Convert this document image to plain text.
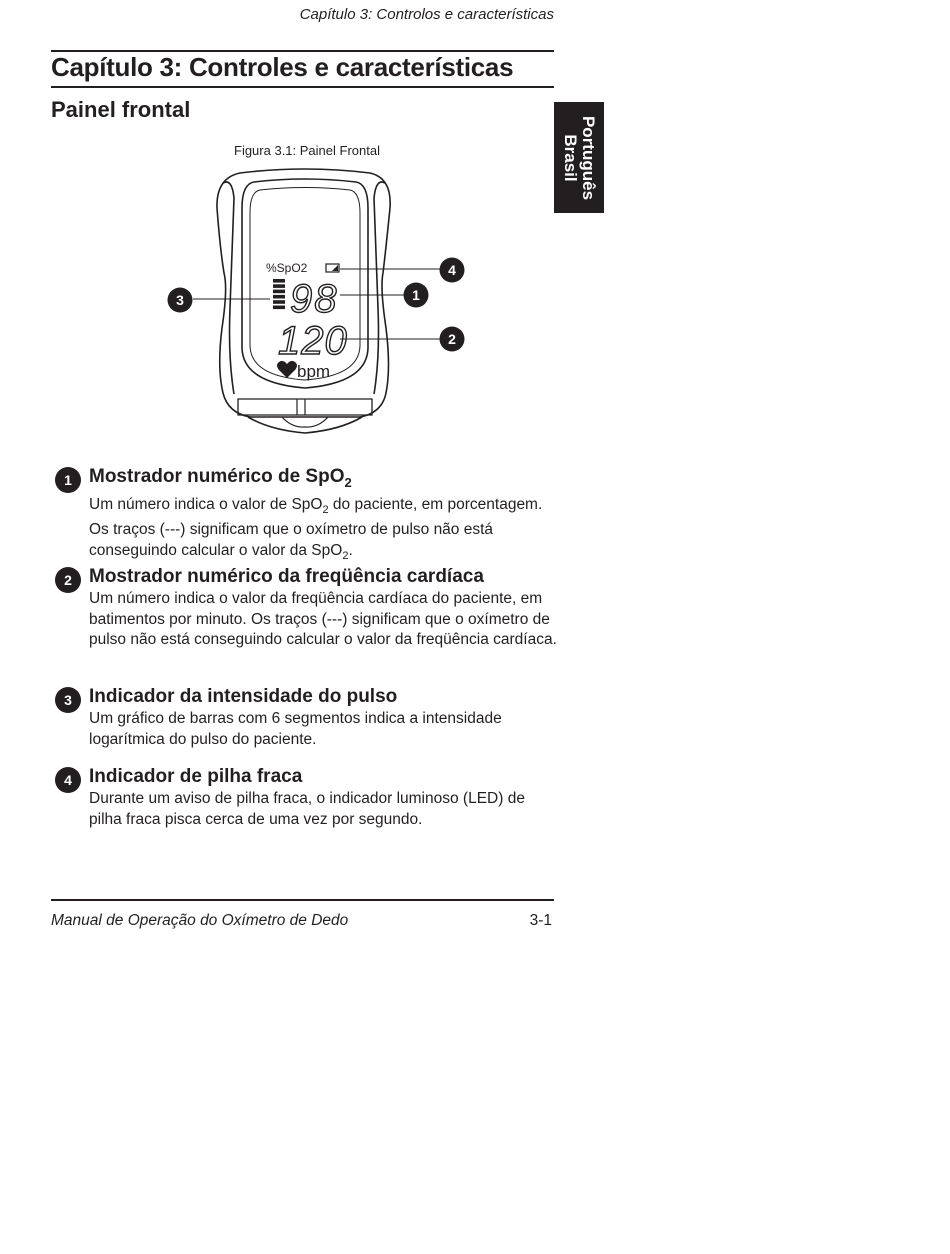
Capítulo 3: Controlos e características
Capítulo 3: Controles e características
Painel frontal
Português
Brasil
Figura 3.1: Painel Frontal
%SpO2
98
120
bpm
4
1
2
3
1 Mostrador numérico de SpO$_2$
Um número indica o valor de SpO$_2$ do paciente, em porcentagem. Os traços (---) significam que o oxímetro de pulso não está conseguindo calcular o valor da SpO$_2$.
2 Mostrador numérico da freqüência cardíaca
Um número indica o valor da freqüência cardíaca do paciente, em batimentos por minuto. Os traços (---) significam que o oxímetro de pulso não está conseguindo calcular o valor da freqüência cardíaca.
3 Indicador da intensidade do pulso
Um gráfico de barras com 6 segmentos indica a intensidade logarítmica do pulso do paciente.
4 Indicador de pilha fraca
Durante um aviso de pilha fraca, o indicador luminoso (LED) de pilha fraca pisca cerca de uma vez por segundo.
Manual de Operação do Oxímetro de Dedo	3-1
